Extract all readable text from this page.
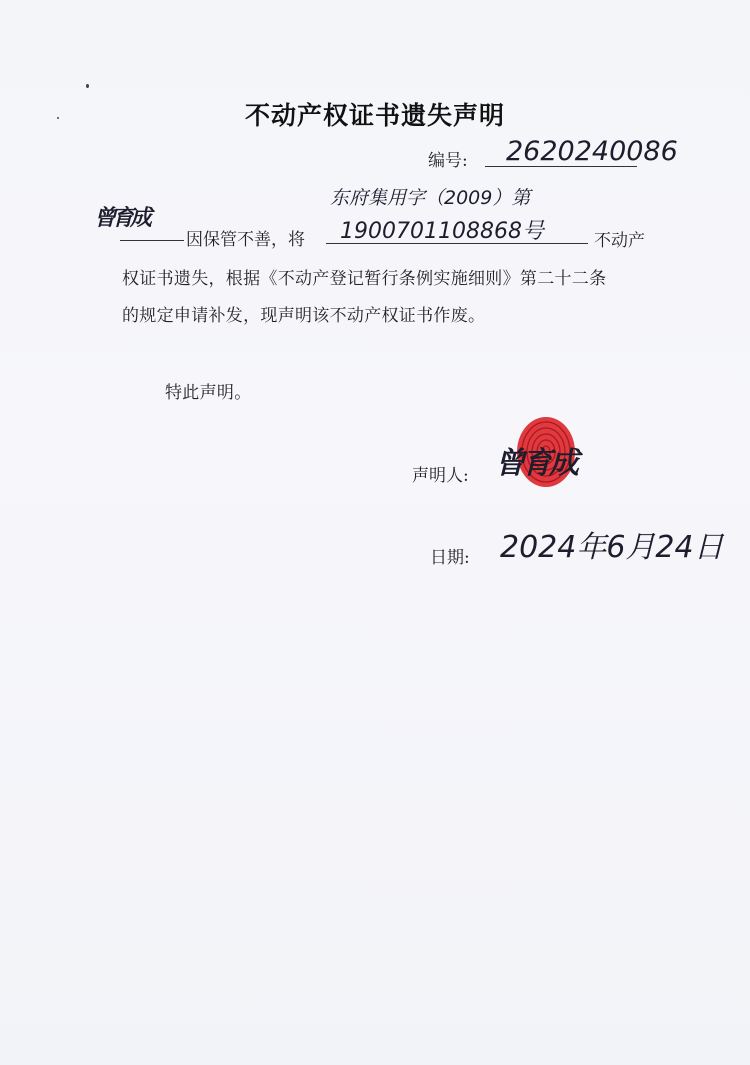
不动产权证书遗失声明
编号: 2620240086
曾育成
因保管不善，将
东府集用字（2009）第
1900701108868号	不动产
权证书遗失，根据《不动产登记暂行条例实施细则》第二十二条
的规定申请补发，现声明该不动产权证书作废。
特此声明。
声明人: 曾育成
日期: 2024年6月24日
